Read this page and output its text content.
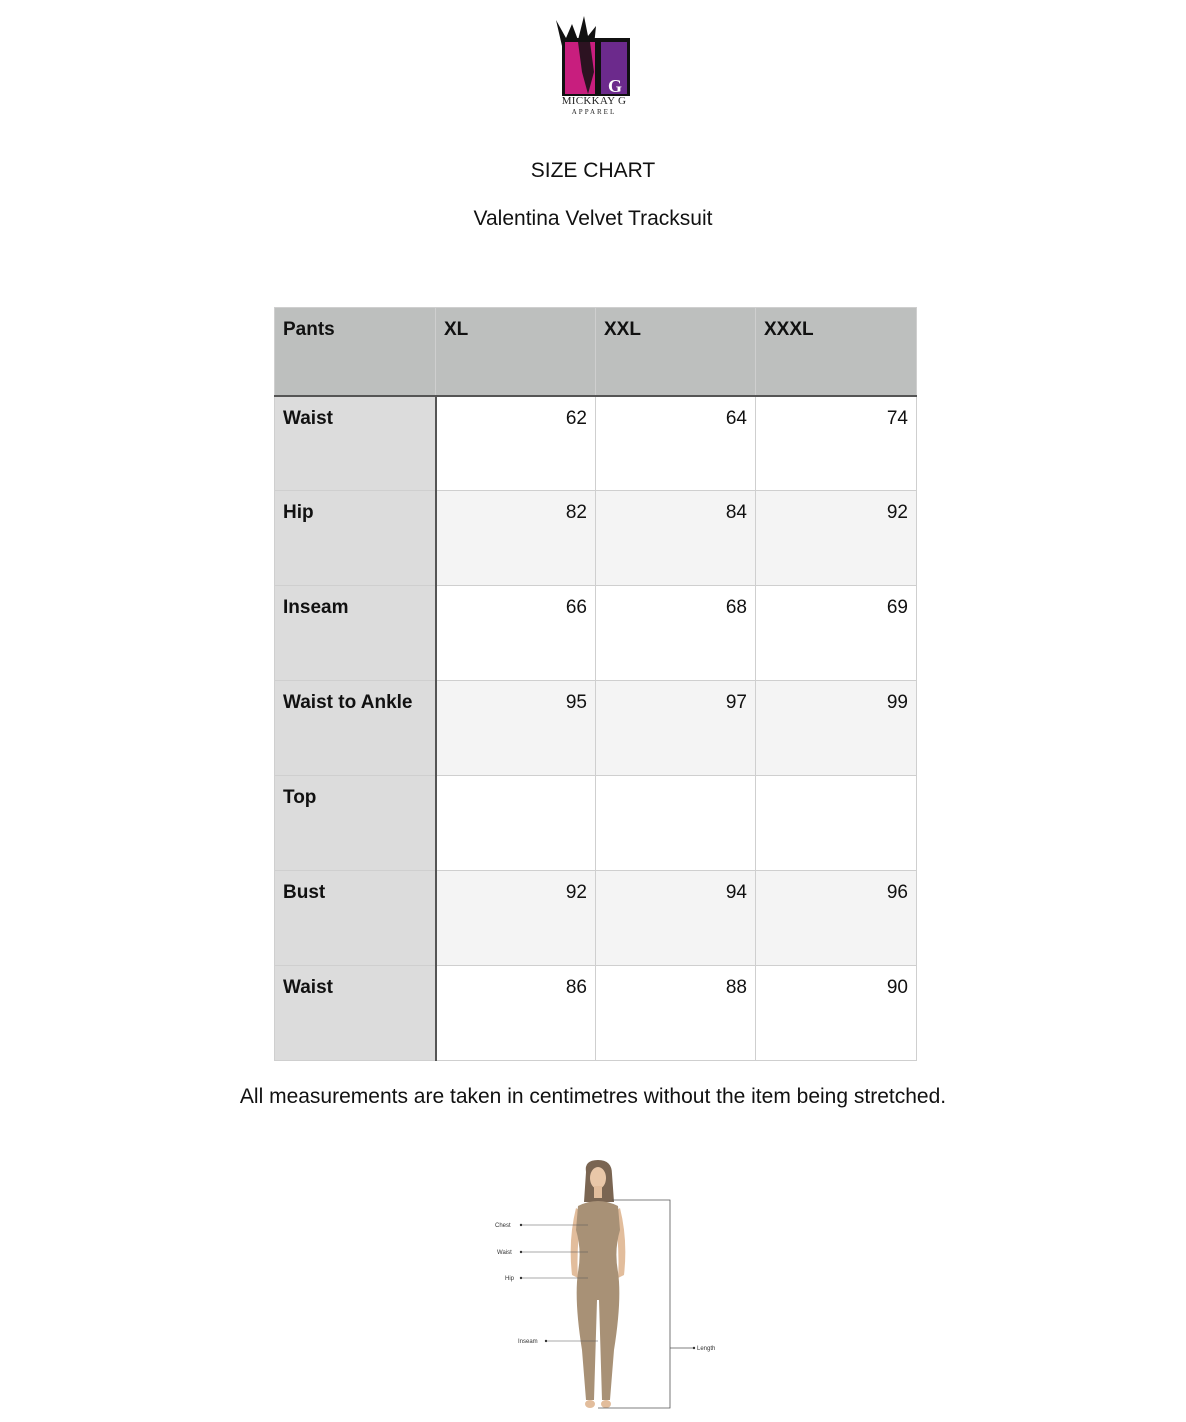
G
MICKKAY G
APPAREL
SIZE CHART
Valentina Velvet Tracksuit
Pants	XL	XXL	XXXL
Waist	62	64	74
Hip	82	84	92
Inseam	66	68	69
Waist to Ankle	95	97	99
Top			
Bust	92	94	96
Waist	86	88	90
All measurements are taken in centimetres without the item being stretched.
Chest
Waist
Hip
Inseam
Length
